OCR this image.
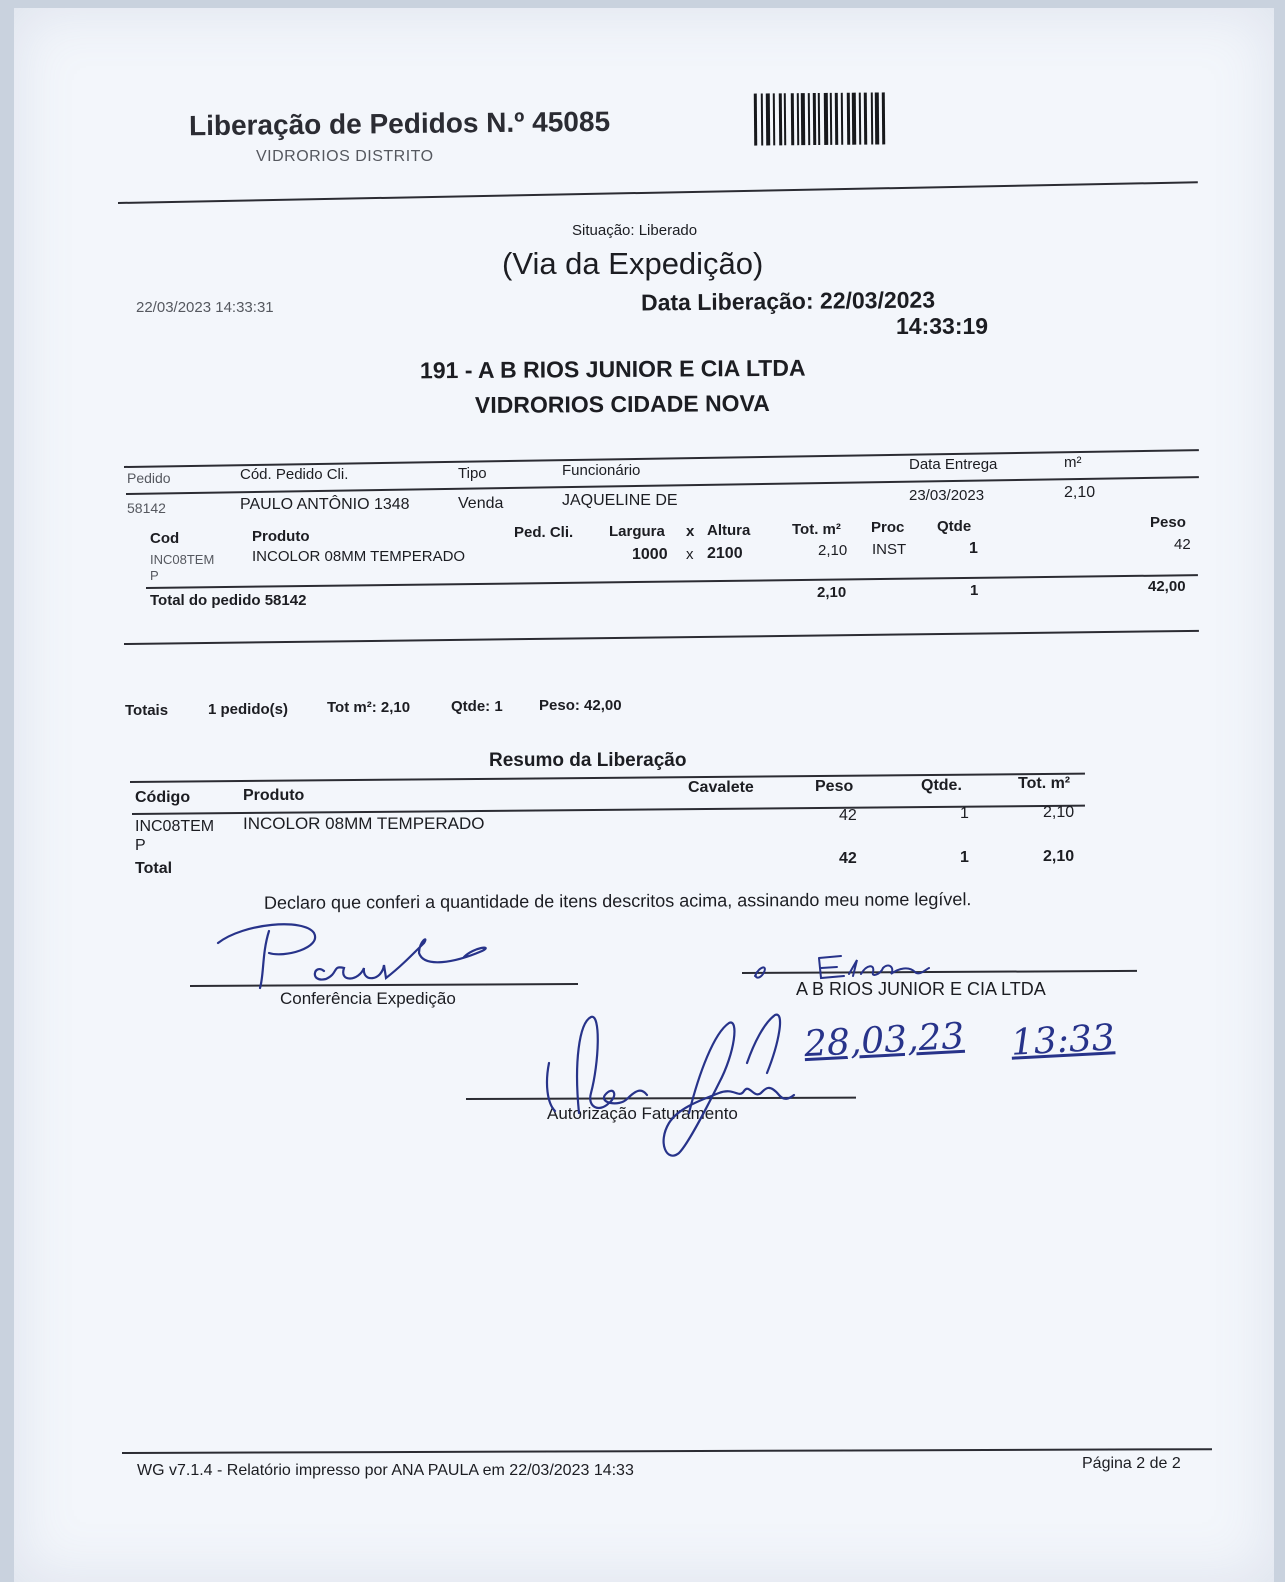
Liberação de Pedidos N.º 45085
VIDRORIOS DISTRITO
Situação: Liberado
(Via da Expedição)
22/03/2023 14:33:31	Data Liberação: 22/03/2023
14:33:19
191 - A B RIOS JUNIOR E CIA LTDA
VIDRORIOS CIDADE NOVA
Pedido	Cód. Pedido Cli.	Tipo	Funcionário	Data Entrega	m²
58142	PAULO ANTÔNIO 1348	Venda	JAQUELINE DE	23/03/2023	2,10
Cod	Produto	Ped. Cli. Largura x Altura	Tot. m² Proc Qtde	Peso
INC08TEM
P
INCOLOR 08MM TEMPERADO	1000 x 2100	2,10 INST	1	42
Total do pedido 58142	2,10	1	42,00
Totais	1 pedido(s)	Tot m²: 2,10	Qtde: 1 Peso: 42,00
Resumo da Liberação
Código	Produto	Cavalete	Peso	Qtde.	Tot. m²
INC08TEM
P
INCOLOR 08MM TEMPERADO	42	1	2,10
Total
42	1	2,10
Declaro que conferi a quantidade de itens descritos acima, assinando meu nome legível.
Conferência Expedição	A B RIOS JUNIOR E CIA LTDA
Autorização Faturamento
28,03,23 13:33
WG v7.1.4 - Relatório impresso por ANA PAULA em 22/03/2023 14:33	Página 2 de 2
